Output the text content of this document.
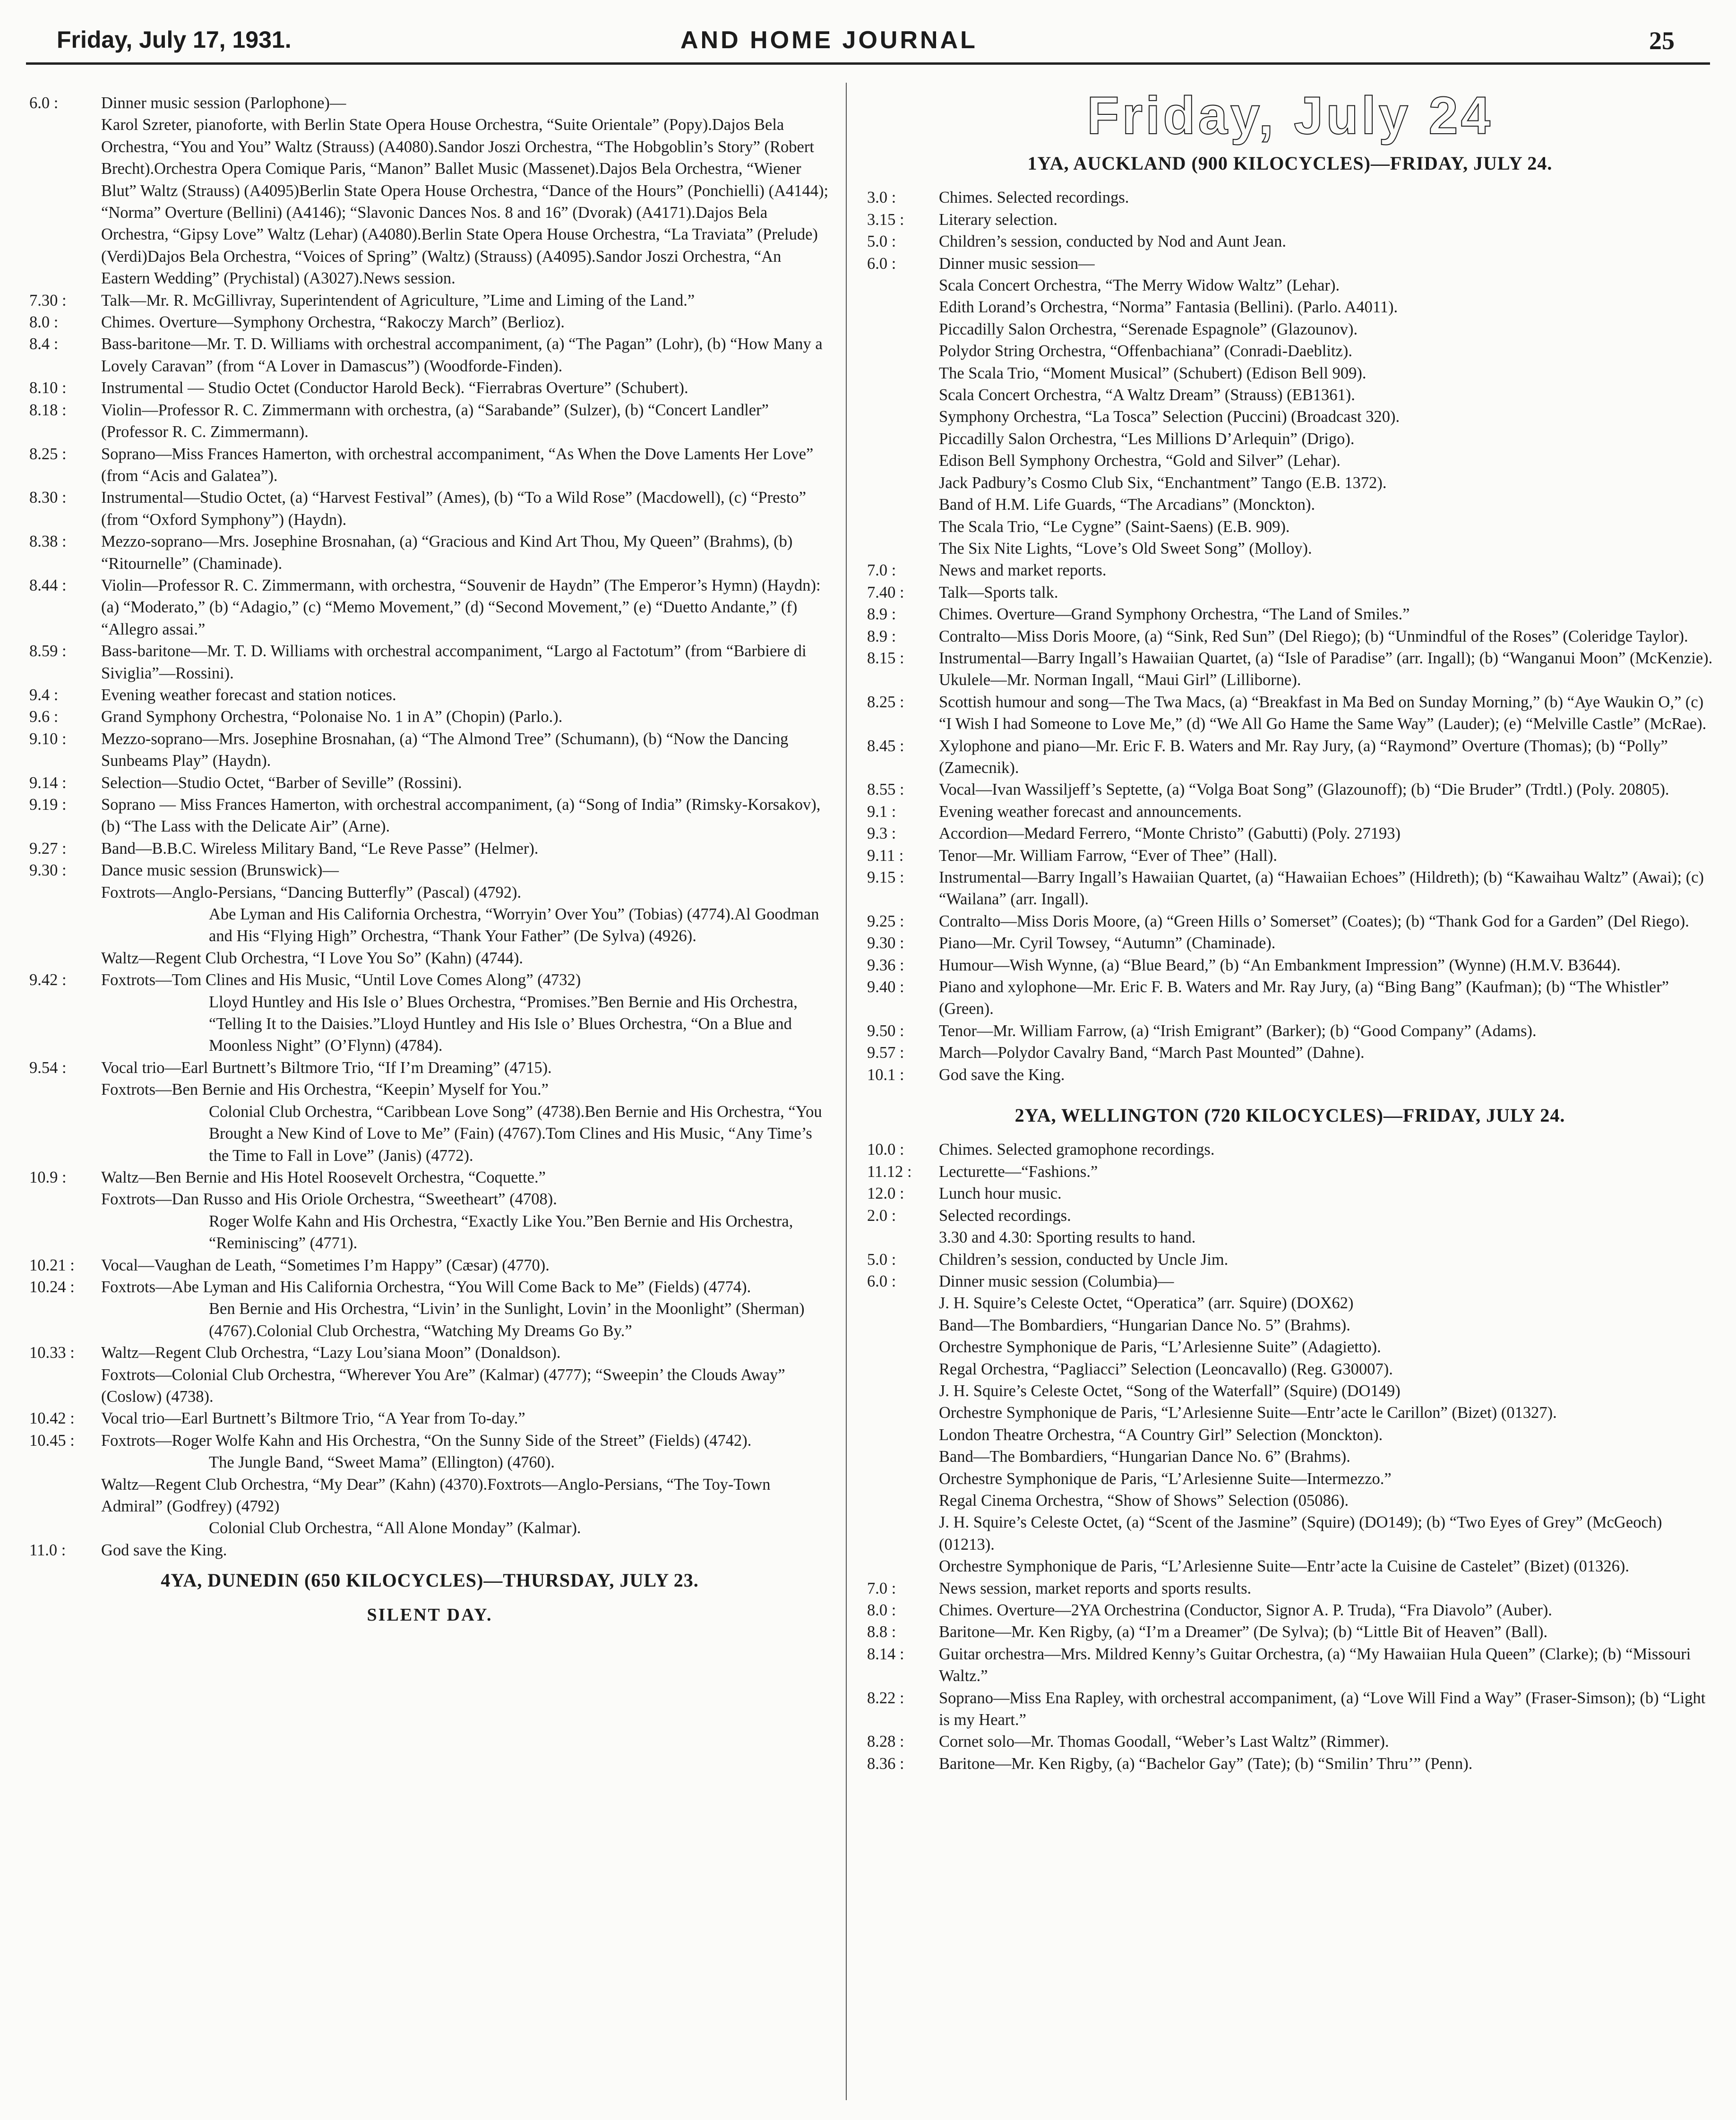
Friday, July 17, 1931.	AND HOME JOURNAL	25
6.0 :	Dinner music session (Parlophone)—
Karol Szreter, pianoforte, with Berlin State Opera House Orchestra, “Suite Orientale” (Popy).Dajos Bela Orchestra, “You and You” Waltz (Strauss) (A4080).Sandor Joszi Orchestra, “The Hobgoblin’s Story” (Robert Brecht).Orchestra Opera Comique Paris, “Manon” Ballet Music (Massenet).Dajos Bela Orchestra, “Wiener Blut” Waltz (Strauss) (A4095)Berlin State Opera House Orchestra, “Dance of the Hours” (Ponchielli) (A4144); “Norma” Overture (Bellini) (A4146); “Slavonic Dances Nos. 8 and 16” (Dvorak) (A4171).Dajos Bela Orchestra, “Gipsy Love” Waltz (Lehar) (A4080).Berlin State Opera House Orchestra, “La Traviata” (Prelude) (Verdi)Dajos Bela Orchestra, “Voices of Spring” (Waltz) (Strauss) (A4095).Sandor Joszi Orchestra, “An Eastern Wedding” (Prychistal) (A3027).News session.
7.30 :	Talk—Mr. R. McGillivray, Superintendent of Agriculture, ”Lime and Liming of the Land.”
8.0 :	Chimes. Overture—Symphony Orchestra, “Rakoczy March” (Berlioz).
8.4 :	Bass-baritone—Mr. T. D. Williams with orchestral accompaniment, (a) “The Pagan” (Lohr), (b) “How Many a Lovely Caravan” (from “A Lover in Damascus”) (Woodforde-Finden).
8.10 :	Instrumental — Studio Octet (Conductor Harold Beck). “Fierrabras Overture” (Schubert).
8.18 :	Violin—Professor R. C. Zimmermann with orchestra, (a) “Sarabande” (Sulzer), (b) “Concert Landler” (Professor R. C. Zimmermann).
8.25 :	Soprano—Miss Frances Hamerton, with orchestral accompaniment, “As When the Dove Laments Her Love” (from “Acis and Galatea”).
8.30 :	Instrumental—Studio Octet, (a) “Harvest Festival” (Ames), (b) “To a Wild Rose” (Macdowell), (c) “Presto” (from “Oxford Symphony”) (Haydn).
8.38 :	Mezzo-soprano—Mrs. Josephine Brosnahan, (a) “Gracious and Kind Art Thou, My Queen” (Brahms), (b) “Ritournelle” (Chaminade).
8.44 :	Violin—Professor R. C. Zimmermann, with orchestra, “Souvenir de Haydn” (The Emperor’s Hymn) (Haydn): (a) “Moderato,” (b) “Adagio,” (c) “Memo Movement,” (d) “Second Movement,” (e) “Duetto Andante,” (f) “Allegro assai.”
8.59 :	Bass-baritone—Mr. T. D. Williams with orchestral accompaniment, “Largo al Factotum” (from “Barbiere di Siviglia”—Rossini).
9.4 :	Evening weather forecast and station notices.
9.6 :	Grand Symphony Orchestra, “Polonaise No. 1 in A” (Chopin) (Parlo.).
9.10 :	Mezzo-soprano—Mrs. Josephine Brosnahan, (a) “The Almond Tree” (Schumann), (b) “Now the Dancing Sunbeams Play” (Haydn).
9.14 :	Selection—Studio Octet, “Barber of Seville” (Rossini).
9.19 :	Soprano — Miss Frances Hamerton, with orchestral accompaniment, (a) “Song of India” (Rimsky-Korsakov), (b) “The Lass with the Delicate Air” (Arne).
9.27 :	Band—B.B.C. Wireless Military Band, “Le Reve Passe” (Helmer).
9.30 :	Dance music session (Brunswick)—
Foxtrots—Anglo-Persians, “Dancing Butterfly” (Pascal) (4792).
Abe Lyman and His California Orchestra, “Worryin’ Over You” (Tobias) (4774).Al Goodman and His “Flying High” Orchestra, “Thank Your Father” (De Sylva) (4926).
Waltz—Regent Club Orchestra, “I Love You So” (Kahn) (4744).
9.42 :	Foxtrots—Tom Clines and His Music, “Until Love Comes Along” (4732)
Lloyd Huntley and His Isle o’ Blues Orchestra, “Promises.”Ben Bernie and His Orchestra, “Telling It to the Daisies.”Lloyd Huntley and His Isle o’ Blues Orchestra, “On a Blue and Moonless Night” (O’Flynn) (4784).
9.54 :	Vocal trio—Earl Burtnett’s Biltmore Trio, “If I’m Dreaming” (4715).
Foxtrots—Ben Bernie and His Orchestra, “Keepin’ Myself for You.”
Colonial Club Orchestra, “Caribbean Love Song” (4738).Ben Bernie and His Orchestra, “You Brought a New Kind of Love to Me” (Fain) (4767).Tom Clines and His Music, “Any Time’s the Time to Fall in Love” (Janis) (4772).
10.9 :	Waltz—Ben Bernie and His Hotel Roosevelt Orchestra, “Coquette.”
Foxtrots—Dan Russo and His Oriole Orchestra, “Sweetheart” (4708).
Roger Wolfe Kahn and His Orchestra, “Exactly Like You.”Ben Bernie and His Orchestra, “Reminiscing” (4771).
10.21 :	Vocal—Vaughan de Leath, “Sometimes I’m Happy” (Cæsar) (4770).
10.24 :	Foxtrots—Abe Lyman and His California Orchestra, “You Will Come Back to Me” (Fields) (4774).
Ben Bernie and His Orchestra, “Livin’ in the Sunlight, Lovin’ in the Moonlight” (Sherman) (4767).Colonial Club Orchestra, “Watching My Dreams Go By.”
10.33 :	Waltz—Regent Club Orchestra, “Lazy Lou’siana Moon” (Donaldson).
Foxtrots—Colonial Club Orchestra, “Wherever You Are” (Kalmar) (4777); “Sweepin’ the Clouds Away” (Coslow) (4738).
10.42 :	Vocal trio—Earl Burtnett’s Biltmore Trio, “A Year from To-day.”
10.45 :	Foxtrots—Roger Wolfe Kahn and His Orchestra, “On the Sunny Side of the Street” (Fields) (4742).
The Jungle Band, “Sweet Mama” (Ellington) (4760).
Waltz—Regent Club Orchestra, “My Dear” (Kahn) (4370).Foxtrots—Anglo-Persians, “The Toy-Town Admiral” (Godfrey) (4792)
Colonial Club Orchestra, “All Alone Monday” (Kalmar).
11.0 :	God save the King.
4YA, DUNEDIN (650 KILOCYCLES)—THURSDAY, JULY 23.
SILENT DAY.
Friday, July 24
1YA, AUCKLAND (900 KILOCYCLES)—FRIDAY, JULY 24.
3.0 :	Chimes. Selected recordings.
3.15 :	Literary selection.
5.0 :	Children’s session, conducted by Nod and Aunt Jean.
6.0 :	Dinner music session—
Scala Concert Orchestra, “The Merry Widow Waltz” (Lehar).
Edith Lorand’s Orchestra, “Norma” Fantasia (Bellini). (Parlo. A4011).
Piccadilly Salon Orchestra, “Serenade Espagnole” (Glazounov).
Polydor String Orchestra, “Offenbachiana” (Conradi-Daeblitz).
The Scala Trio, “Moment Musical” (Schubert) (Edison Bell 909).
Scala Concert Orchestra, “A Waltz Dream” (Strauss) (EB1361).
Symphony Orchestra, “La Tosca” Selection (Puccini) (Broadcast 320).
Piccadilly Salon Orchestra, “Les Millions D’Arlequin” (Drigo).
Edison Bell Symphony Orchestra, “Gold and Silver” (Lehar).
Jack Padbury’s Cosmo Club Six, “Enchantment” Tango (E.B. 1372).
Band of H.M. Life Guards, “The Arcadians” (Monckton).
The Scala Trio, “Le Cygne” (Saint-Saens) (E.B. 909).
The Six Nite Lights, “Love’s Old Sweet Song” (Molloy).
7.0 :	News and market reports.
7.40 :	Talk—Sports talk.
8.9 :	Chimes. Overture—Grand Symphony Orchestra, “The Land of Smiles.”
8.9 :	Contralto—Miss Doris Moore, (a) “Sink, Red Sun” (Del Riego); (b) “Unmindful of the Roses” (Coleridge Taylor).
8.15 :	Instrumental—Barry Ingall’s Hawaiian Quartet, (a) “Isle of Paradise” (arr. Ingall); (b) “Wanganui Moon” (McKenzie).
Ukulele—Mr. Norman Ingall, “Maui Girl” (Lilliborne).
8.25 :	Scottish humour and song—The Twa Macs, (a) “Breakfast in Ma Bed on Sunday Morning,” (b) “Aye Waukin O,” (c) “I Wish I had Someone to Love Me,” (d) “We All Go Hame the Same Way” (Lauder); (e) “Melville Castle” (McRae).
8.45 :	Xylophone and piano—Mr. Eric F. B. Waters and Mr. Ray Jury, (a) “Raymond” Overture (Thomas); (b) “Polly” (Zamecnik).
8.55 :	Vocal—Ivan Wassiljeff’s Septette, (a) “Volga Boat Song” (Glazounoff); (b) “Die Bruder” (Trdtl.) (Poly. 20805).
9.1 :	Evening weather forecast and announcements.
9.3 :	Accordion—Medard Ferrero, “Monte Christo” (Gabutti) (Poly. 27193)
9.11 :	Tenor—Mr. William Farrow, “Ever of Thee” (Hall).
9.15 :	Instrumental—Barry Ingall’s Hawaiian Quartet, (a) “Hawaiian Echoes” (Hildreth); (b) “Kawaihau Waltz” (Awai); (c) “Wailana” (arr. Ingall).
9.25 :	Contralto—Miss Doris Moore, (a) “Green Hills o’ Somerset” (Coates); (b) “Thank God for a Garden” (Del Riego).
9.30 :	Piano—Mr. Cyril Towsey, “Autumn” (Chaminade).
9.36 :	Humour—Wish Wynne, (a) “Blue Beard,” (b) “An Embankment Impression” (Wynne) (H.M.V. B3644).
9.40 :	Piano and xylophone—Mr. Eric F. B. Waters and Mr. Ray Jury, (a) “Bing Bang” (Kaufman); (b) “The Whistler” (Green).
9.50 :	Tenor—Mr. William Farrow, (a) “Irish Emigrant” (Barker); (b) “Good Company” (Adams).
9.57 :	March—Polydor Cavalry Band, “March Past Mounted” (Dahne).
10.1 :	God save the King.
2YA, WELLINGTON (720 KILOCYCLES)—FRIDAY, JULY 24.
10.0 :	Chimes. Selected gramophone recordings.
11.12 :	Lecturette—“Fashions.”
12.0 :	Lunch hour music.
2.0 :	Selected recordings.
3.30 and 4.30: Sporting results to hand.
5.0 :	Children’s session, conducted by Uncle Jim.
6.0 :	Dinner music session (Columbia)—
J. H. Squire’s Celeste Octet, “Operatica” (arr. Squire) (DOX62)
Band—The Bombardiers, “Hungarian Dance No. 5” (Brahms).
Orchestre Symphonique de Paris, “L’Arlesienne Suite” (Adagietto).
Regal Orchestra, “Pagliacci” Selection (Leoncavallo) (Reg. G30007).
J. H. Squire’s Celeste Octet, “Song of the Waterfall” (Squire) (DO149)
Orchestre Symphonique de Paris, “L’Arlesienne Suite—Entr’acte le Carillon” (Bizet) (01327).
London Theatre Orchestra, “A Country Girl” Selection (Monckton).
Band—The Bombardiers, “Hungarian Dance No. 6” (Brahms).
Orchestre Symphonique de Paris, “L’Arlesienne Suite—Intermezzo.”
Regal Cinema Orchestra, “Show of Shows” Selection (05086).
J. H. Squire’s Celeste Octet, (a) “Scent of the Jasmine” (Squire) (DO149); (b) “Two Eyes of Grey” (McGeoch) (01213).
Orchestre Symphonique de Paris, “L’Arlesienne Suite—Entr’acte la Cuisine de Castelet” (Bizet) (01326).
7.0 :	News session, market reports and sports results.
8.0 :	Chimes. Overture—2YA Orchestrina (Conductor, Signor A. P. Truda), “Fra Diavolo” (Auber).
8.8 :	Baritone—Mr. Ken Rigby, (a) “I’m a Dreamer” (De Sylva); (b) “Little Bit of Heaven” (Ball).
8.14 :	Guitar orchestra—Mrs. Mildred Kenny’s Guitar Orchestra, (a) “My Hawaiian Hula Queen” (Clarke); (b) “Missouri Waltz.”
8.22 :	Soprano—Miss Ena Rapley, with orchestral accompaniment, (a) “Love Will Find a Way” (Fraser-Simson); (b) “Light is my Heart.”
8.28 :	Cornet solo—Mr. Thomas Goodall, “Weber’s Last Waltz” (Rimmer).
8.36 :	Baritone—Mr. Ken Rigby, (a) “Bachelor Gay” (Tate); (b) “Smilin’ Thru’” (Penn).
